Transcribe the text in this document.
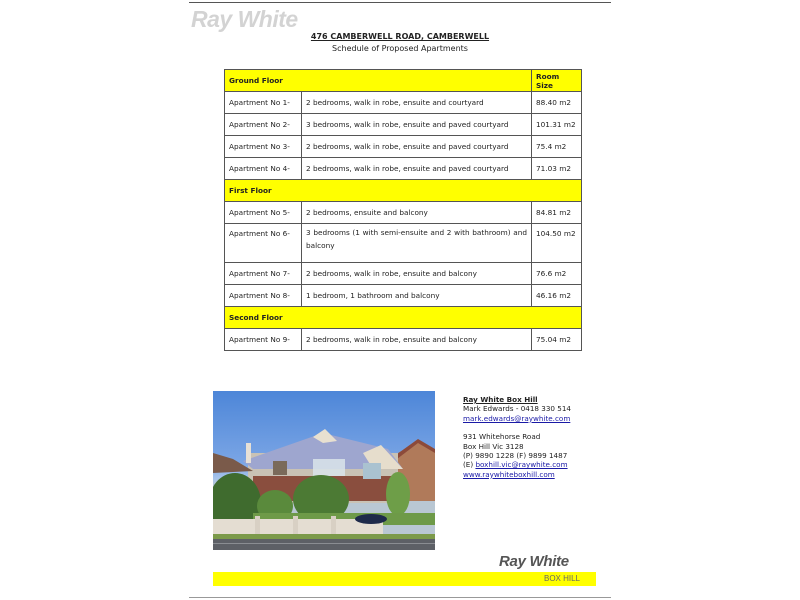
Ray White
476 CAMBERWELL ROAD, CAMBERWELL
Schedule of Proposed Apartments
Ground Floor		Room Size
Apartment No 1-	2 bedrooms, walk in robe, ensuite and courtyard	88.40 m2
Apartment No 2-	3 bedrooms, walk in robe, ensuite and paved courtyard	101.31 m2
Apartment No 3-	2 bedrooms, walk in robe, ensuite and paved courtyard	75.4 m2
Apartment No 4-	2 bedrooms, walk in robe, ensuite and paved courtyard	71.03 m2
First Floor		
Apartment No 5-	2 bedrooms, ensuite and balcony	84.81 m2
Apartment No 6-	3 bedrooms (1 with semi-ensuite and 2 with bathroom) and balcony	104.50 m2
Apartment No 7-	2 bedrooms, walk in robe, ensuite and balcony	76.6 m2
Apartment No 8-	1 bedroom, 1 bathroom and balcony	46.16 m2
Second Floor		
Apartment No 9-	2 bedrooms, walk in robe, ensuite and balcony	75.04 m2
Ray White Box Hill
Mark Edwards - 0418 330 514
mark.edwards@raywhite.com
931 Whitehorse Road
Box Hill Vic 3128
(P) 9890 1228 (F) 9899 1487
(E) boxhill.vic@raywhite.com
www.raywhiteboxhill.com
Ray White
BOX HILL
